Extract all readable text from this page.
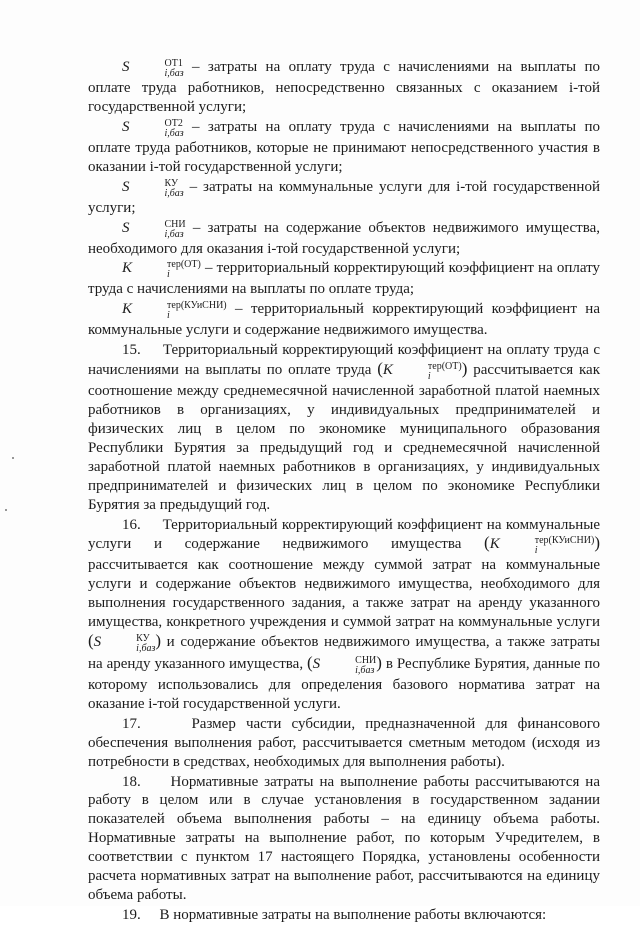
S	ОТ1
i,баз – затраты на оплату труда с начислениями на выплаты по оплате труда работников, непосредственно связанных с оказанием i-той государственной услуги;

S	ОТ2
i,баз – затраты на оплату труда с начислениями на выплаты по оплате труда работников, которые не принимают непосредственного участия в оказании i-той государственной услуги;

S	КУ
i,баз – затраты на коммунальные услуги для i-той государственной услуги;

S	СНИ
i,баз – затраты на содержание объектов недвижимого имущества, необходимого для оказания i-той государственной услуги;

K	тер(ОТ)
i	– территориальный корректирующий коэффициент на оплату труда с начислениями на выплаты по оплате труда;

K	тер(КУиСНИ)
i	– территориальный корректирующий коэффициент на коммунальные услуги и содержание недвижимого имущества.

15.     Территориальный корректирующий коэффициент на оплату труда с начислениями на выплаты по оплате труда (K	тер(ОТ)
i	) рассчитывается как соотношение между среднемесячной начисленной заработной платой наемных работников в организациях, у индивидуальных предпринимателей и физических лиц в целом по экономике муниципального образования Республики Бурятия за предыдущий год и среднемесячной начисленной заработной платой наемных работников в организациях, у индивидуальных предпринимателей и физических лиц в целом по экономике Республики Бурятия за предыдущий год.

16.     Территориальный корректирующий коэффициент на коммунальные услуги и содержание недвижимого имущества (K	тер(КУиСНИ)
i	) рассчитывается как соотношение между суммой затрат на коммунальные услуги и содержание объектов недвижимого имущества, необходимого для выполнения государственного задания, а также затрат на аренду указанного имущества, конкретного учреждения и суммой затрат на коммунальные услуги (S	КУ
i,баз ) и содержание объектов недвижимого имущества, а также затраты на аренду указанного имущества, (S	СНИ
i,баз ) в Республике Бурятия, данные по которому использовались для определения базового норматива затрат на оказание i-той государственной услуги.

17.     Размер части субсидии, предназначенной для финансового обеспечения выполнения работ, рассчитывается сметным методом (исходя из потребности в средствах, необходимых для выполнения работы).

18.     Нормативные затраты на выполнение работы рассчитываются на работу в целом или в случае установления в государственном задании показателей объема выполнения работы – на единицу объема работы. Нормативные затраты на выполнение работ, по которым Учредителем, в соответствии с пунктом 17 настоящего Порядка, установлены особенности расчета нормативных затрат на выполнение работ, рассчитываются на единицу объема работы.

19.     В нормативные затраты на выполнение работы включаются:
